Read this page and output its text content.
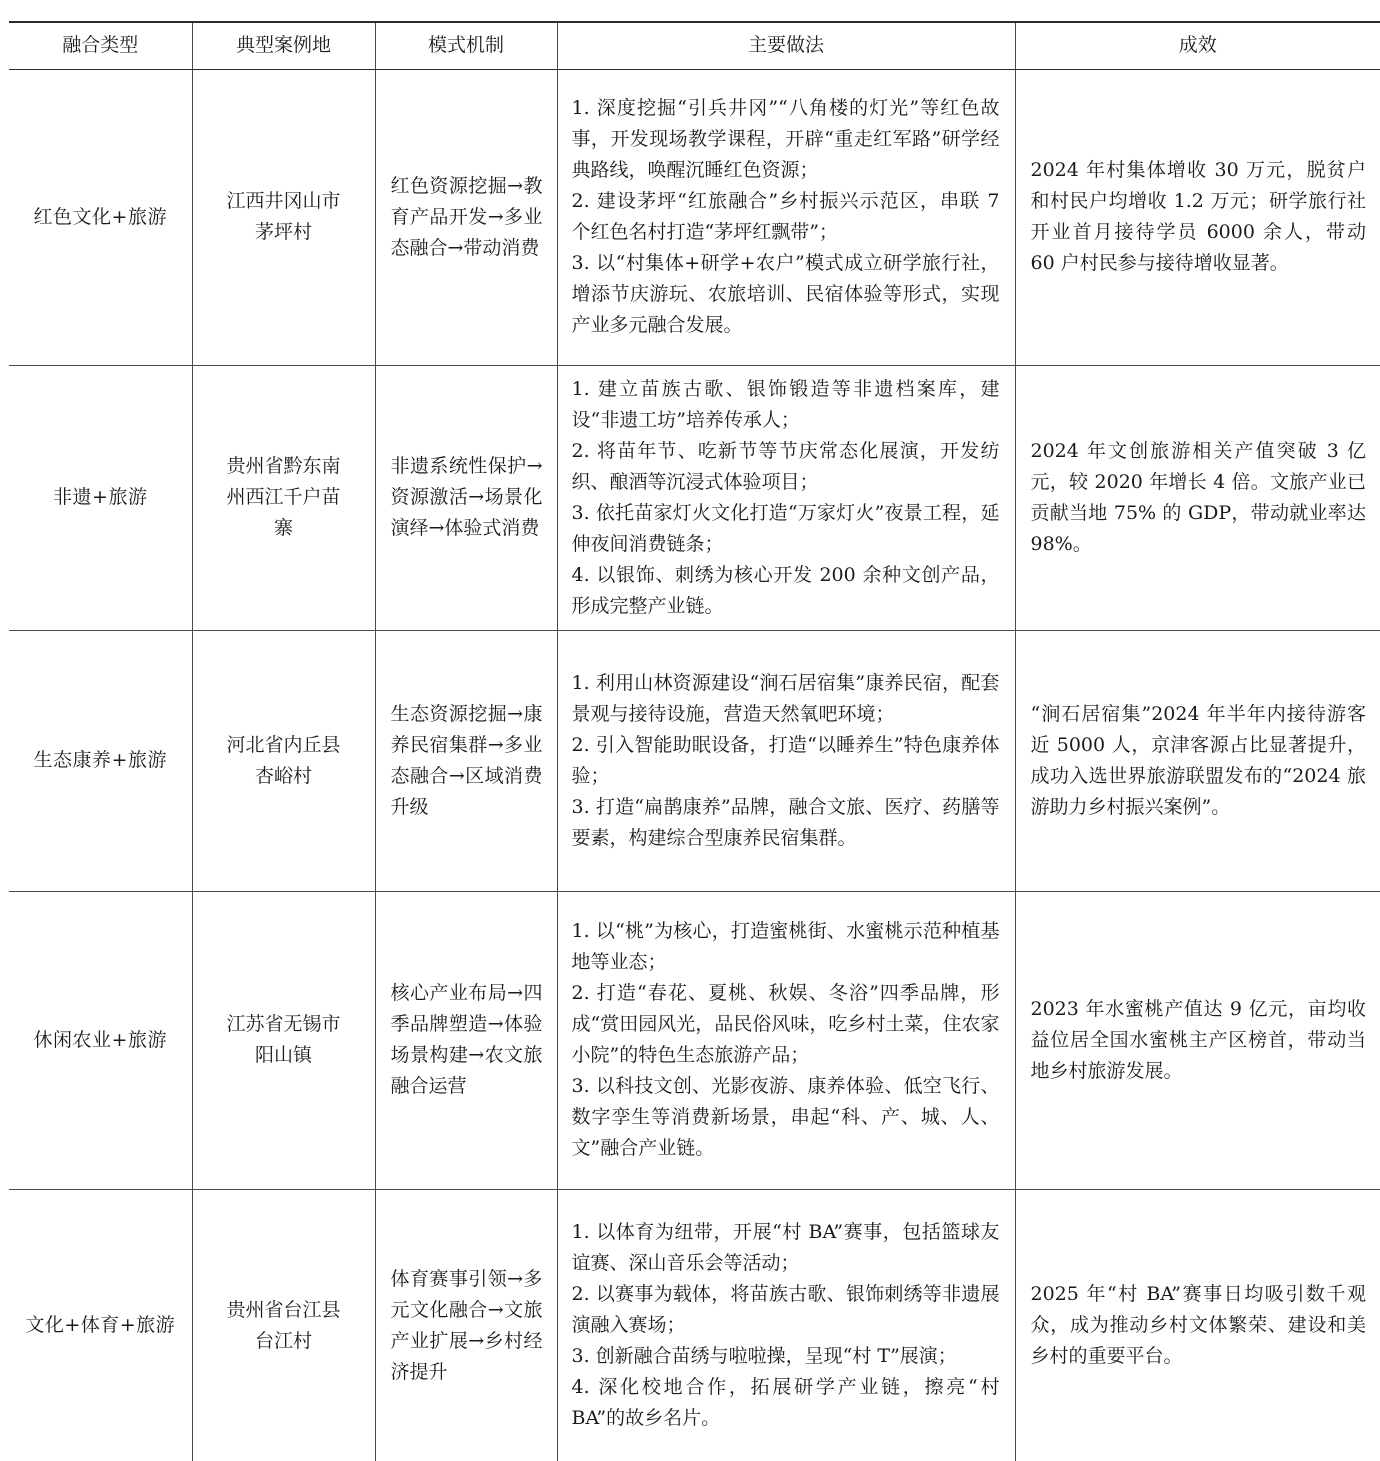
融合类型	典型案例地	模式机制	主要做法	成效
红色文化+旅游	江西井冈山市茅坪村	红色资源挖掘→教育产品开发→多业态融合→带动消费	1. 深度挖掘“引兵井冈”“八角楼的灯光”等红色故事，开发现场教学课程，开辟“重走红军路”研学经典路线，唤醒沉睡红色资源；
2. 建设茅坪“红旅融合”乡村振兴示范区，串联 7 个红色名村打造“茅坪红飘带”；
3. 以“村集体+研学+农户”模式成立研学旅行社，增添节庆游玩、农旅培训、民宿体验等形式，实现产业多元融合发展。	2024 年村集体增收 30 万元，脱贫户和村民户均增收 1.2 万元；研学旅行社开业首月接待学员 6000 余人，带动 60 户村民参与接待增收显著。

非遗+旅游	贵州省黔东南州西江千户苗寨	非遗系统性保护→资源激活→场景化演绎→体验式消费	1. 建立苗族古歌、银饰锻造等非遗档案库，建设“非遗工坊”培养传承人；
2. 将苗年节、吃新节等节庆常态化展演，开发纺织、酿酒等沉浸式体验项目；
3. 依托苗家灯火文化打造“万家灯火”夜景工程，延伸夜间消费链条；
4. 以银饰、刺绣为核心开发 200 余种文创产品，形成完整产业链。	2024 年文创旅游相关产值突破 3 亿元，较 2020 年增长 4 倍。文旅产业已贡献当地 75% 的 GDP，带动就业率达 98%。

生态康养+旅游	河北省内丘县杏峪村	生态资源挖掘→康养民宿集群→多业态融合→区域消费升级	1. 利用山林资源建设“涧石居宿集”康养民宿，配套景观与接待设施，营造天然氧吧环境；
2. 引入智能助眠设备，打造“以睡养生”特色康养体验；
3. 打造“扁鹊康养”品牌，融合文旅、医疗、药膳等要素，构建综合型康养民宿集群。	“涧石居宿集”2024 年半年内接待游客近 5000 人，京津客源占比显著提升，成功入选世界旅游联盟发布的“2024 旅游助力乡村振兴案例”。

休闲农业+旅游	江苏省无锡市阳山镇	核心产业布局→四季品牌塑造→体验场景构建→农文旅融合运营	1. 以“桃”为核心，打造蜜桃街、水蜜桃示范种植基地等业态；
2. 打造“春花、夏桃、秋娱、冬浴”四季品牌，形成“赏田园风光，品民俗风味，吃乡村土菜，住农家小院”的特色生态旅游产品；
3. 以科技文创、光影夜游、康养体验、低空飞行、数字孪生等消费新场景，串起“科、产、城、人、文”融合产业链。	2023 年水蜜桃产值达 9 亿元，亩均收益位居全国水蜜桃主产区榜首，带动当地乡村旅游发展。

文化+体育+旅游	贵州省台江县台江村	体育赛事引领→多元文化融合→文旅产业扩展→乡村经济提升	1. 以体育为纽带，开展“村 BA”赛事，包括篮球友谊赛、深山音乐会等活动；
2. 以赛事为载体，将苗族古歌、银饰刺绣等非遗展演融入赛场；
3. 创新融合苗绣与啦啦操，呈现“村 T”展演；
4. 深化校地合作，拓展研学产业链，擦亮“村 BA”的故乡名片。	2025 年“村 BA”赛事日均吸引数千观众，成为推动乡村文体繁荣、建设和美乡村的重要平台。
